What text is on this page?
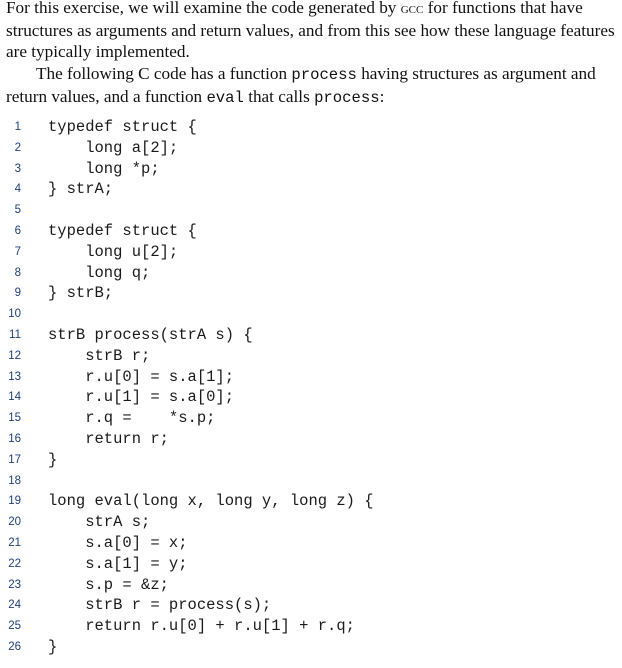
For this exercise, we will examine the code generated by gcc for functions that have structures as arguments and return values, and from this see how these language features are typically implemented.

The following C code has a function process having structures as argument and return values, and a function eval that calls process:

1 typedef struct {
2 long a[2];
3 long *p;
4 } strA;
5
6 typedef struct {
7 long u[2];
8 long q;
9 } strB;
10
11 strB process(strA s) {
12 strB r;
13 r.u[0] = s.a[1];
14 r.u[1] = s.a[0];
15 r.q =    *s.p;
16 return r;
17 }
18
19 long eval(long x, long y, long z) {
20 strA s;
21 s.a[0] = x;
22 s.a[1] = y;
23 s.p = &z;
24 strB r = process(s);
25 return r.u[0] + r.u[1] + r.q;
26 }
